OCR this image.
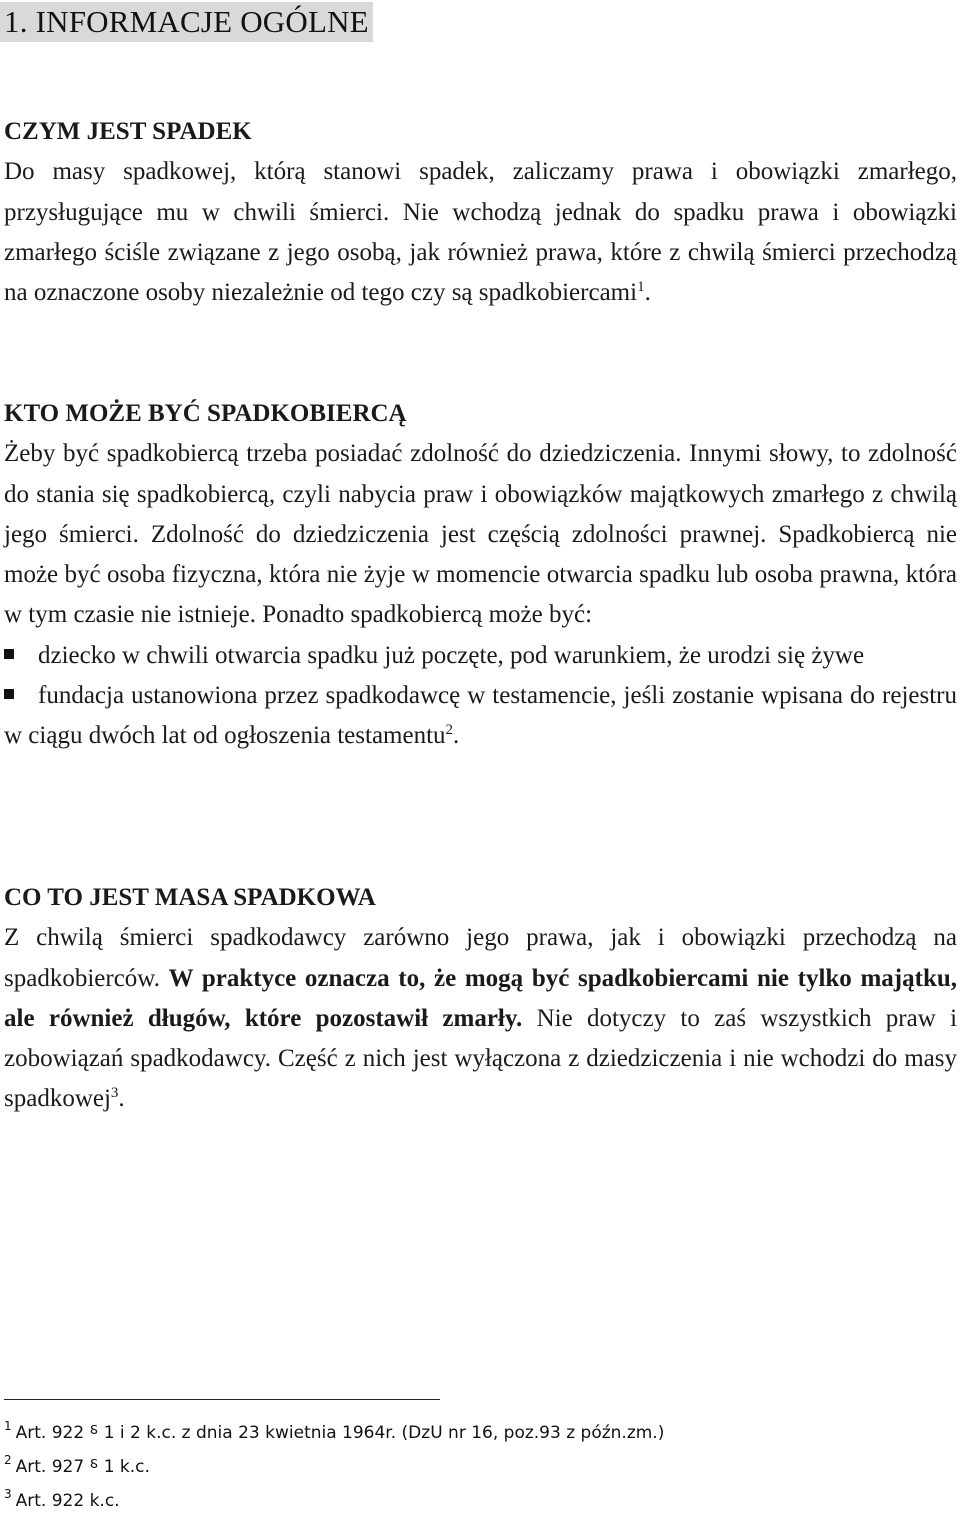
1. INFORMACJE OGÓLNE
CZYM JEST SPADEK

Do masy spadkowej, którą stanowi spadek, zaliczamy prawa i obowiązki zmarłego, przysługujące mu w chwili śmierci. Nie wchodzą jednak do spadku prawa i obowiązki zmarłego ściśle związane z jego osobą, jak również prawa, które z chwilą śmierci przechodzą na oznaczone osoby niezależnie od tego czy są spadkobiercami$^1$.

KTO MOŻE BYĆ SPADKOBIERCĄ

Żeby być spadkobiercą trzeba posiadać zdolność do dziedziczenia. Innymi słowy, to zdolność do stania się spadkobiercą, czyli nabycia praw i obowiązków majątkowych zmarłego z chwilą jego śmierci. Zdolność do dziedziczenia jest częścią zdolności prawnej. Spadkobiercą nie może być osoba fizyczna, która nie żyje w momencie otwarcia spadku lub osoba prawna, która w tym czasie nie istnieje. Ponadto spadkobiercą może być:

dziecko w chwili otwarcia spadku już poczęte, pod warunkiem, że urodzi się żywe

fundacja ustanowiona przez spadkodawcę w testamencie, jeśli zostanie wpisana do rejestru w ciągu dwóch lat od ogłoszenia testamentu$^2$.

CO TO JEST MASA SPADKOWA

Z chwilą śmierci spadkodawcy zarówno jego prawa, jak i obowiązki przechodzą na spadkobierców. W praktyce oznacza to, że mogą być spadkobiercami nie tylko majątku, ale również długów, które pozostawił zmarły. Nie dotyczy to zaś wszystkich praw i zobowiązań spadkodawcy. Część z nich jest wyłączona z dziedziczenia i nie wchodzi do masy spadkowej$^3$.

$^1$ Art. 922 ⸹ 1 i 2 k.c. z dnia 23 kwietnia 1964r. (DzU nr 16, poz.93 z późn.zm.)
$^2$ Art. 927 ⸹ 1 k.c.
$^3$ Art. 922 k.c.
